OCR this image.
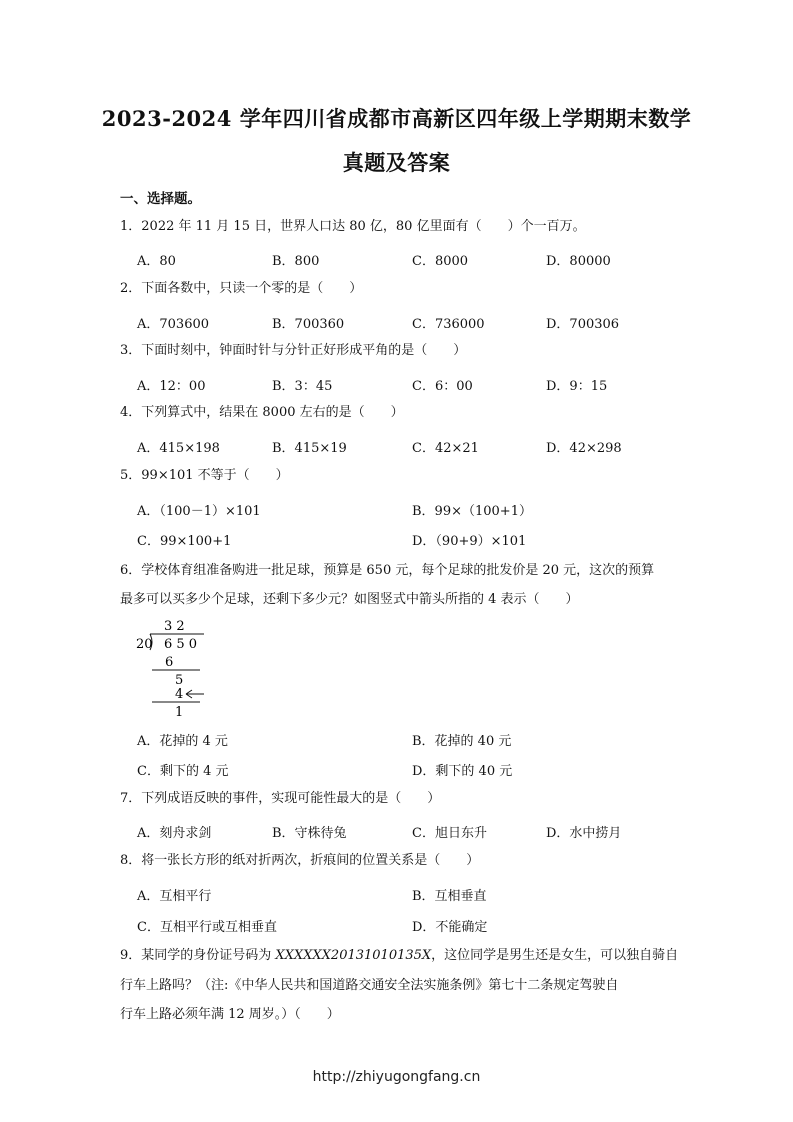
2023-2024 学年四川省成都市高新区四年级上学期期末数学
真题及答案
一、选择题。
1．2022 年 11 月 15 日，世界人口达 80 亿，80 亿里面有（　　）个一百万。
A．80	B．800	C．8000	D．80000
2．下面各数中，只读一个零的是（　　）
A．703600	B．700360	C．736000	D．700306
3．下面时刻中，钟面时针与分针正好形成平角的是（　　）
A．12：00	B．3：45	C．6：00	D．9：15
4．下列算式中，结果在 8000 左右的是（　　）
A．415×198	B．415×19	C．42×21	D．42×298
5．99×101 不等于（　　）
A．（100－1）×101	B．99×（100+1）
C．99×100+1	D．（90+9）×101
6．学校体育组准备购进一批足球，预算是 650 元，每个足球的批发价是 20 元，这次的预算
最多可以买多少个足球，还剩下多少元？如图竖式中箭头所指的 4 表示（　　）
3 2
20 6 5 0
6
5
4
1
A．花掉的 4 元	B．花掉的 40 元
C．剩下的 4 元	D．剩下的 40 元
7．下列成语反映的事件，实现可能性最大的是（　　）
A．刻舟求剑	B．守株待兔	C．旭日东升	D．水中捞月
8．将一张长方形的纸对折两次，折痕间的位置关系是（　　）
A．互相平行	B．互相垂直
C．互相平行或互相垂直	D．不能确定
9．某同学的身份证号码为 XXXXXX20131010135X，这位同学是男生还是女生，可以独自骑自
行车上路吗？（注:《中华人民共和国道路交通安全法实施条例》第七十二条规定驾驶自
行车上路必须年满 12 周岁。）（　　）
http://zhiyugongfang.cn
